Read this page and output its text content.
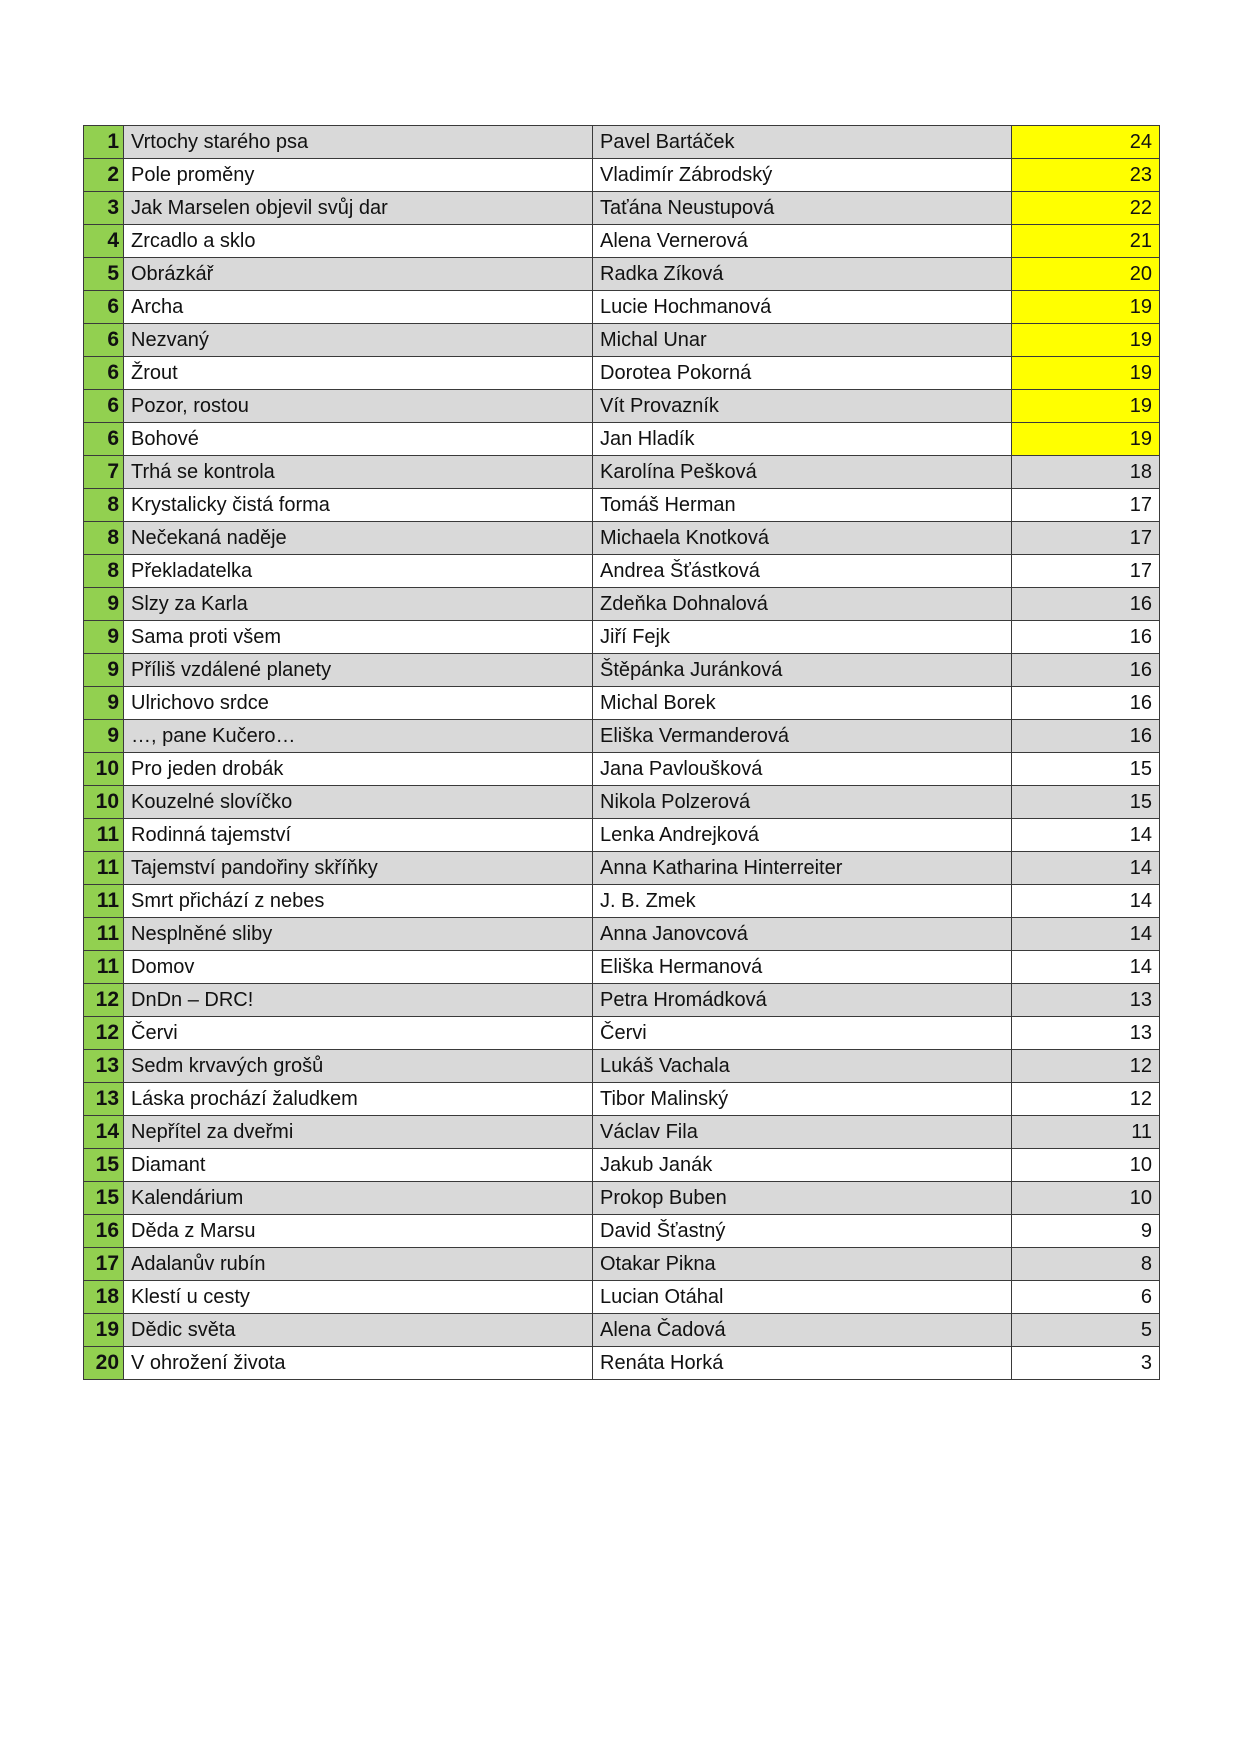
1	Vrtochy starého psa	Pavel Bartáček	24
2	Pole proměny	Vladimír Zábrodský	23
3	Jak Marselen objevil svůj dar	Taťána Neustupová	22
4	Zrcadlo a sklo	Alena Vernerová	21
5	Obrázkář	Radka Zíková	20
6	Archa	Lucie Hochmanová	19
6	Nezvaný	Michal Unar	19
6	Žrout	Dorotea Pokorná	19
6	Pozor, rostou	Vít Provazník	19
6	Bohové	Jan Hladík	19
7	Trhá se kontrola	Karolína Pešková	18
8	Krystalicky čistá forma	Tomáš Herman	17
8	Nečekaná naděje	Michaela Knotková	17
8	Překladatelka	Andrea Šťástková	17
9	Slzy za Karla	Zdeňka Dohnalová	16
9	Sama proti všem	Jiří Fejk	16
9	Příliš vzdálené planety	Štěpánka Juránková	16
9	Ulrichovo srdce	Michal Borek	16
9	…, pane Kučero…	Eliška Vermanderová	16
10	Pro jeden drobák	Jana Pavloušková	15
10	Kouzelné slovíčko	Nikola Polzerová	15
11	Rodinná tajemství	Lenka Andrejková	14
11	Tajemství pandořiny skříňky	Anna Katharina Hinterreiter	14
11	Smrt přichází z nebes	J. B. Zmek	14
11	Nesplněné sliby	Anna Janovcová	14
11	Domov	Eliška Hermanová	14
12	DnDn – DRC!	Petra Hromádková	13
12	Červi	Červi	13
13	Sedm krvavých grošů	Lukáš Vachala	12
13	Láska prochází žaludkem	Tibor Malinský	12
14	Nepřítel za dveřmi	Václav Fila	11
15	Diamant	Jakub Janák	10
15	Kalendárium	Prokop Buben	10
16	Děda z Marsu	David Šťastný	9
17	Adalanův rubín	Otakar Pikna	8
18	Klestí u cesty	Lucian Otáhal	6
19	Dědic světa	Alena Čadová	5
20	V ohrožení života	Renáta Horká	3
